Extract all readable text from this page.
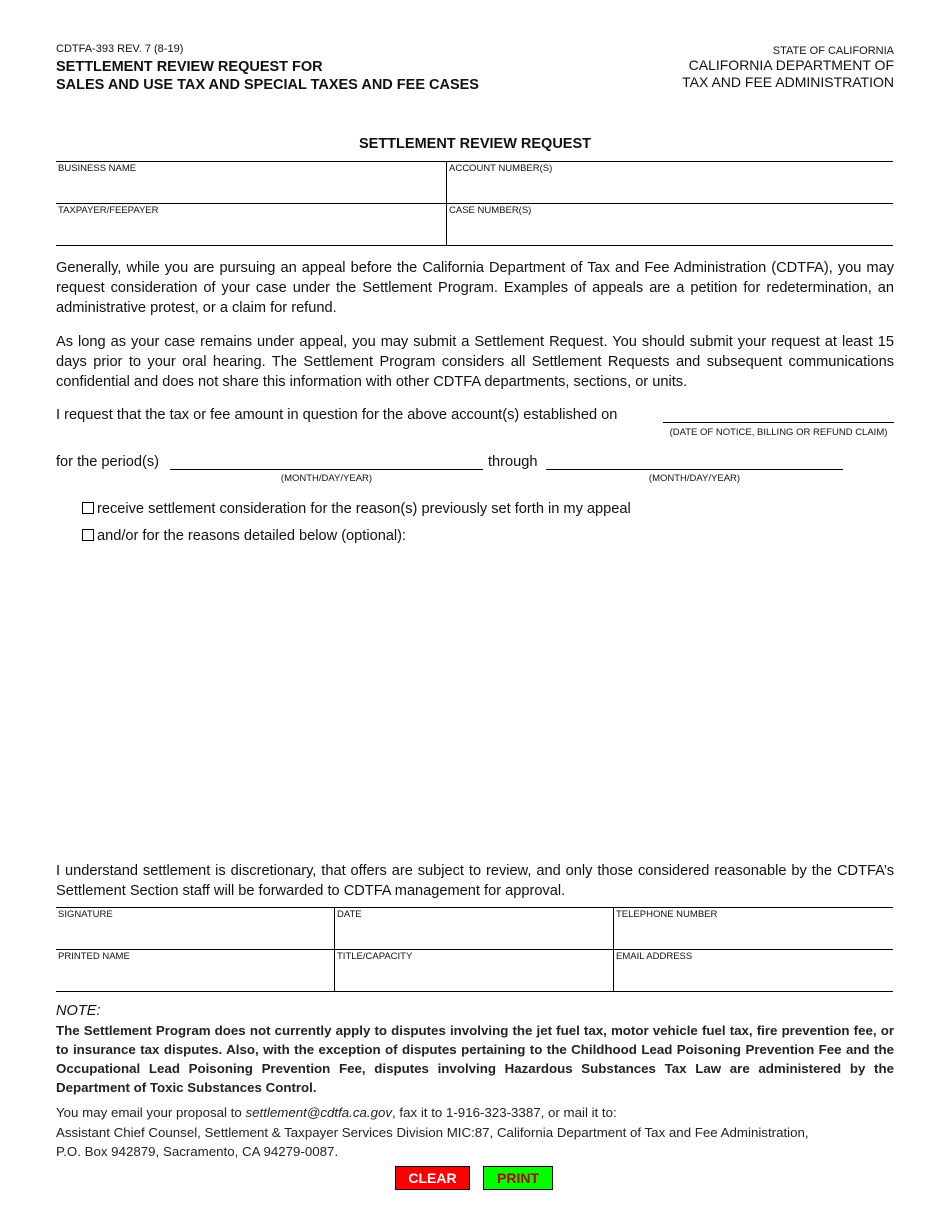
CDTFA-393 REV. 7 (8-19)
SETTLEMENT REVIEW REQUEST FOR
SALES AND USE TAX AND SPECIAL TAXES AND FEE CASES
STATE OF CALIFORNIA
CALIFORNIA DEPARTMENT OF
TAX AND FEE ADMINISTRATION
SETTLEMENT REVIEW REQUEST
BUSINESS NAME	ACCOUNT NUMBER(S)
TAXPAYER/FEEPAYER	CASE NUMBER(S)

Generally, while you are pursuing an appeal before the California Department of Tax and Fee Administration (CDTFA), you may request consideration of your case under the Settlement Program. Examples of appeals are a petition for redetermination, an administrative protest, or a claim for refund.

As long as your case remains under appeal, you may submit a Settlement Request. You should submit your request at least 15 days prior to your oral hearing. The Settlement Program considers all Settlement Requests and subsequent communications confidential and does not share this information with other CDTFA departments, sections, or units.

I request that the tax or fee amount in question for the above account(s) established on
(DATE OF NOTICE, BILLING OR REFUND CLAIM)
for the period(s)
(MONTH/DAY/YEAR)
through
(MONTH/DAY/YEAR)
receive settlement consideration for the reason(s) previously set forth in my appeal
and/or for the reasons detailed below (optional):

I understand settlement is discretionary, that offers are subject to review, and only those considered reasonable by the CDTFA’s Settlement Section staff will be forwarded to CDTFA management for approval.

SIGNATURE	DATE	TELEPHONE NUMBER
PRINTED NAME	TITLE/CAPACITY	EMAIL ADDRESS
NOTE:

The Settlement Program does not currently apply to disputes involving the jet fuel tax, motor vehicle fuel tax, fire prevention fee, or to insurance tax disputes. Also, with the exception of disputes pertaining to the Childhood Lead Poisoning Prevention Fee and the Occupational Lead Poisoning Prevention Fee, disputes involving Hazardous Substances Tax Law are administered by the Department of Toxic Substances Control.

You may email your proposal to settlement@cdtfa.ca.gov, fax it to 1-916-323-3387, or mail it to:
Assistant Chief Counsel, Settlement & Taxpayer Services Division MIC:87, California Department of Tax and Fee Administration,
P.O. Box 942879, Sacramento, CA 94279-0087.

CLEAR	PRINT
